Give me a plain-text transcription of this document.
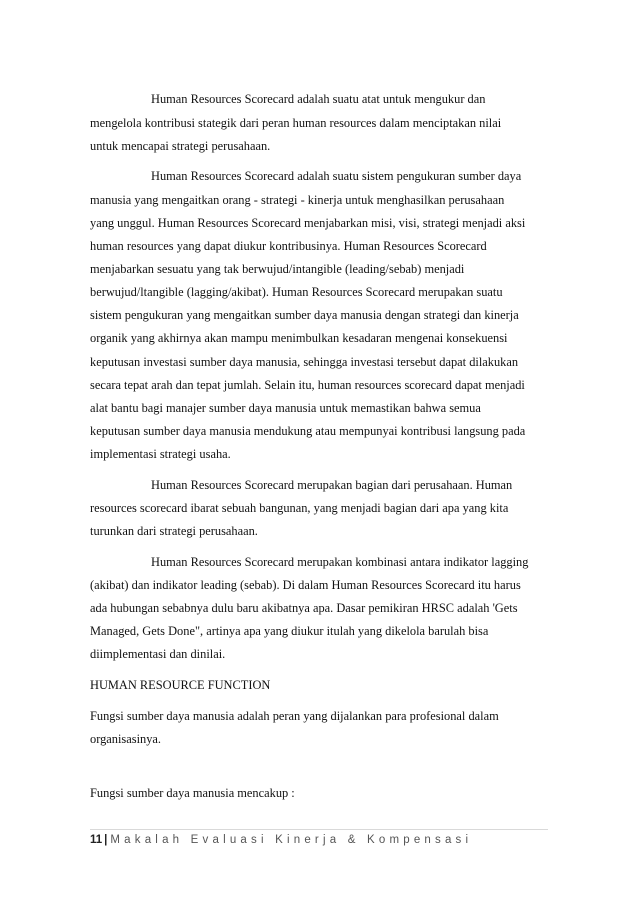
Human Resources Scorecard adalah suatu atat untuk mengukur dan
mengelola kontribusi stategik dari peran human resources dalam menciptakan nilai
untuk mencapai strategi perusahaan.
Human Resources Scorecard adalah suatu sistem pengukuran sumber daya
manusia yang mengaitkan orang - strategi - kinerja untuk menghasilkan perusahaan
yang unggul. Human Resources Scorecard menjabarkan misi, visi, strategi menjadi aksi
human resources yang dapat diukur kontribusinya. Human Resources Scorecard
menjabarkan sesuatu yang tak berwujud/intangible (leading/sebab) menjadi
berwujud/ltangible (lagging/akibat). Human Resources Scorecard merupakan suatu
sistem pengukuran yang mengaitkan sumber daya manusia dengan strategi dan kinerja
organik yang akhirnya akan mampu menimbulkan kesadaran mengenai konsekuensi
keputusan investasi sumber daya manusia, sehingga investasi tersebut dapat dilakukan
secara tepat arah dan tepat jumlah. Selain itu, human resources scorecard dapat menjadi
alat bantu bagi manajer sumber daya manusia untuk memastikan bahwa semua
keputusan sumber daya manusia mendukung atau mempunyai kontribusi langsung pada
implementasi strategi usaha.
Human Resources Scorecard merupakan bagian dari perusahaan. Human
resources scorecard ibarat sebuah bangunan, yang menjadi bagian dari apa yang kita
turunkan dari strategi perusahaan.
Human Resources Scorecard merupakan kombinasi antara indikator lagging
(akibat) dan indikator leading (sebab). Di dalam Human Resources Scorecard itu harus
ada hubungan sebabnya dulu baru akibatnya apa. Dasar pemikiran HRSC adalah 'Gets
Managed, Gets Done", artinya apa yang diukur itulah yang dikelola barulah bisa
diimplementasi dan dinilai.
HUMAN RESOURCE FUNCTION
Fungsi sumber daya manusia adalah peran yang dijalankan para profesional dalam
organisasinya.
Fungsi sumber daya manusia mencakup :
11 | Makalah Evaluasi Kinerja & Kompensasi
